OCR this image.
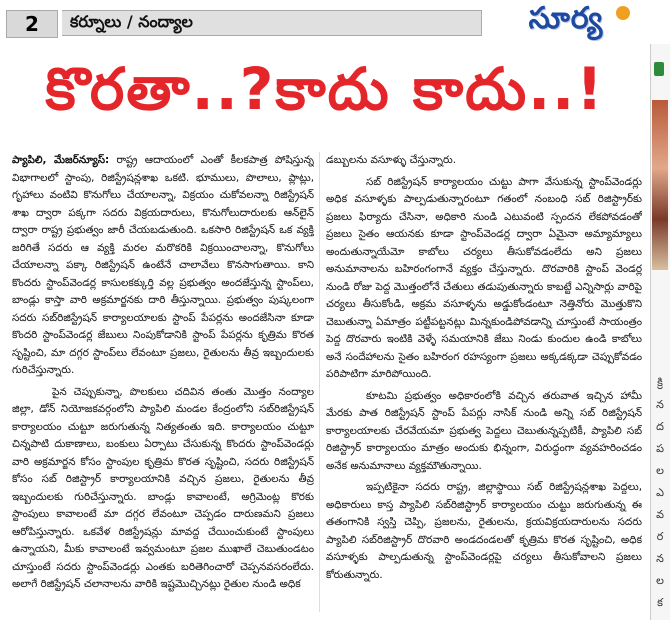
2	కర్నూలు / నంద్యాల	సూర్య
క్రి న ద ప ల ఎ వ ర న ల క
కొరతా..?కాదు కాదు..!

ప్యాపిలి, మేజర్‌న్యూస్‌: రాష్ట్ర ఆదాయంలో ఎంతో కీలకపాత్ర పోషిస్తున్న విభాగాలలో స్టాంపు, రిజిస్ట్రేషన్లశాఖ ఒకటి. భూములు, పొలాలు, ప్లాట్లు, గృహాలు వంటివి కొనుగోలు చేయాలన్నా, విక్రయం చుకోవలన్నా రిజిస్ట్రేషన్ శాఖ ద్వారా పక్కగా సదరు విక్రయదారులు, కొనుగోలుదారులకు ఆన్‌లైన్ ద్వారా రాష్ట్ర ప్రభుత్వం జారీ చేయబడుతుంది. ఒకసారి రిజిస్ట్రేషన్ ఒక వ్యక్తి జరిగితే సదరు ఆ వ్యక్తి మరల మరొకరికి విక్రయించాలన్నా, కొనుగోలు చేయాలన్నా పక్కా రిజిస్ట్రేషన్ ఉంటేనే చాలావేలు కొనసాగుతాయి. కాని కొందరు స్టాంప్‌వెండర్ల కాసులకక్కుర్తి వల్ల ప్రభుత్వం అందజేస్తున్న స్టాంప్‌లు, బాండ్లు కాస్తా వారి అక్రమార్జనకు దారి తీస్తున్నాయి. ప్రభుత్వం పుష్కలంగా సదరు సబ్‌రిజిస్ట్రేషన్ కార్యాలయాలకు స్టాంప్ పేపర్లను అందజేసినా కూడా కొందరి స్టాంప్‌వెండర్ల జేబులు నింపుకోడానికి స్టాంప్ పేపర్లను కృత్రిమ కొరత సృష్టించి, మా దగ్గర స్టాంప్‌లు లేవంటూ ప్రజలు, రైతులను తీవ్ర ఇబ్బందులకు గురిచేస్తున్నారు.

పైన చెప్పుకున్నా, పొలకులు చదివిన తంతు మొత్తం నంద్యాల జిల్లా, డోన్ నియోజకవర్గంలోని ప్యాపిలి మండల కేంద్రంలోని సబ్‌రిజిస్ట్రేషన్ కార్యాలయం చుట్టూ జరుగుతున్న నిత్యతంతు ఇది. కార్యాలయం చుట్టూ చిన్నపాటి దుకాణాలు, బంకులు ఏర్పాటు చేసుకున్న కొందరు స్టాంప్‌వెండర్లు వారి అక్రమార్జన కోసం స్టాంపుల కృత్రిమ కొరత సృష్టించి, సదరు రిజిస్ట్రేషన్ కోసం సబ్ రిజిస్ట్రార్ కార్యాలయానికి వచ్చిన ప్రజలు, రైతులను తీవ్ర ఇబ్బందులకు గురిచేస్తున్నారు. బాండ్లు కావాలంటే, అగ్రిమెంట్ల కొరకు స్టాంపులు కావాలంటే మా దగ్గర లేవంటూ చెప్పడం దారుణమని ప్రజలు ఆరోపిస్తున్నారు. ఒకవేళ రిజిస్ట్రేషన్లు మావద్ద చేయించుకుంటే స్టాంపులు ఉన్నాయని, మీకు కావాలంటే ఇవ్వమంటూ ప్రజల ముఖాలే చెబుతుండటం చూస్తుంటే సదరు స్టాంప్‌వెండర్లు ఎంతకు బరితెగించారో చెప్పనవసరంలేదు. అలాగే రిజిస్ట్రేషన్ చలానాలను వారికి ఇష్టమొచ్చినట్లు రైతుల నుండి అధిక

డబ్బులను వసూళ్ళు చేస్తున్నారు.

సబ్ రిజిస్ట్రేషన్ కార్యాలయం చుట్టు పాగా వేసుకున్న స్టాంప్‌వెండర్లు అధిక వసూళ్ళకు పాల్పడుతున్నారంటూ గతంలో నంబంధి సబ్ రిజిస్ట్రార్‌కు ప్రజలు ఫిర్యాదు చేసినా, అధికారి నుండి ఎటువంటి స్పందన లేకపోవడంతో ప్రజలు సైతం ఆయనకు కూడా స్టాంప్‌వెండర్ల ద్వారా ఏమైనా అమ్యామ్యాలు అందుతున్నాయేమో కాబోలు చర్యలు తీసుకోవడంలేదు అని ప్రజలు అనుమానాలను బహిరంగంగానే వ్యక్తం చేస్తున్నారు. దొరవారికి స్టాంప్ వెండర్ల నుండి రోజు పెద్ద మొత్తంలోనే చేతులు తడుపుతున్నారు కాబట్టే ఎన్నిసార్లు వారిపై చర్యలు తీసుకోండి, అక్రమ వసూళ్ళను అడ్డుకోండంటూ నెత్తినోరు మొత్తుకొని చెబుతున్నా ఏమాత్రం పట్టీపట్టనట్లు మిన్నకుండిపోవడాన్ని చూస్తుంటే సాయంత్రం పెద్ద దొరవారు ఇంటికి వెళ్ళే సమయానికి జేబు నిండు కుందుల ఉండి కాబోలు అనే సందేహాలను సైతం బహిరంగ రహస్యంగా ప్రజలు అక్కడక్కడా చెప్పుకోవడం పరిపాటిగా మారిపోయింది.

కూటమి ప్రభుత్వం అధికారంలోకి వచ్చిన తరువాత ఇచ్చిన హామీ మేరకు పాత రిజిస్ట్రేషన్ స్టాంప్ పేపర్లు నాసిక్ నుండి అన్ని సబ్ రిజిస్ట్రేషన్ కార్యాలయాలకు చేరవేయమా ప్రభుత్వ పెద్దలు చెబుతున్నప్పటికీ, ప్యాపిలి సబ్ రిజిస్ట్రార్ కార్యాలయం మాత్రం అందుకు భిన్నంగా, విరుద్ధంగా వ్యవహరించడం అనేక అనుమానాలు వ్యక్తమౌతున్నాయి.

ఇప్పటికైనా సదరు రాష్ట్ర, జిల్లాస్థాయి సబ్ రిజిస్ట్రేషన్లశాఖ పెద్దలు, అధికారులు కాస్త ప్యాపిలి సబ్‌రిజిస్ట్రార్ కార్యాలయం చుట్టు జరుగుతున్న ఈ తతంగానికి స్వస్తి చెప్పి, ప్రజలను, రైతులను, క్రయవిక్రయదారులను సదరు ప్యాపిలి సబ్‌రిజిస్ట్రార్ దొరవారి అండదండలతో కృత్రిమ కొరత సృష్టించి, అధిక వసూళ్ళకు పాల్పడుతున్న స్టాంప్‌వెండర్లపై చర్యలు తీసుకోవాలని ప్రజలు కోరుతున్నారు.
